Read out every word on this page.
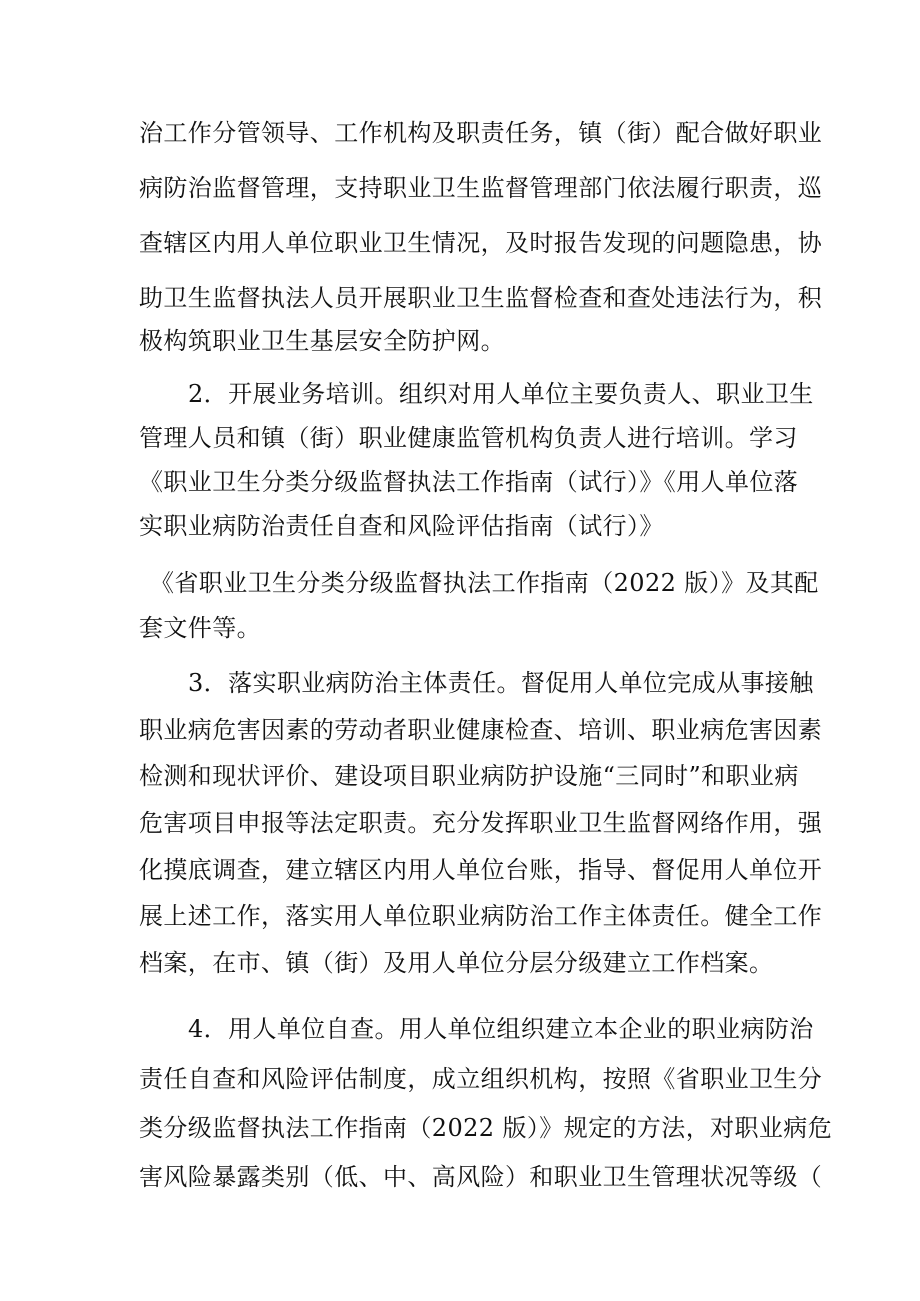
治工作分管领导、工作机构及职责任务，镇（街）配合做好职业
病防治监督管理，支持职业卫生监督管理部门依法履行职责，巡
查辖区内用人单位职业卫生情况，及时报告发现的问题隐患，协
助卫生监督执法人员开展职业卫生监督检查和查处违法行为，积
极构筑职业卫生基层安全防护网。
2．开展业务培训。组织对用人单位主要负责人、职业卫生
管理人员和镇（街）职业健康监管机构负责人进行培训。学习
《职业卫生分类分级监督执法工作指南（试行）》《用人单位落
实职业病防治责任自查和风险评估指南（试行）》
《省职业卫生分类分级监督执法工作指南（2022 版）》及其配
套文件等。
3．落实职业病防治主体责任。督促用人单位完成从事接触
职业病危害因素的劳动者职业健康检查、培训、职业病危害因素
检测和现状评价、建设项目职业病防护设施“三同时”和职业病
危害项目申报等法定职责。充分发挥职业卫生监督网络作用，强
化摸底调查，建立辖区内用人单位台账，指导、督促用人单位开
展上述工作，落实用人单位职业病防治工作主体责任。健全工作
档案，在市、镇（街）及用人单位分层分级建立工作档案。
4．用人单位自查。用人单位组织建立本企业的职业病防治
责任自查和风险评估制度，成立组织机构，按照《省职业卫生分
类分级监督执法工作指南（2022 版）》规定的方法，对职业病危
害风险暴露类别（低、中、高风险）和职业卫生管理状况等级（
